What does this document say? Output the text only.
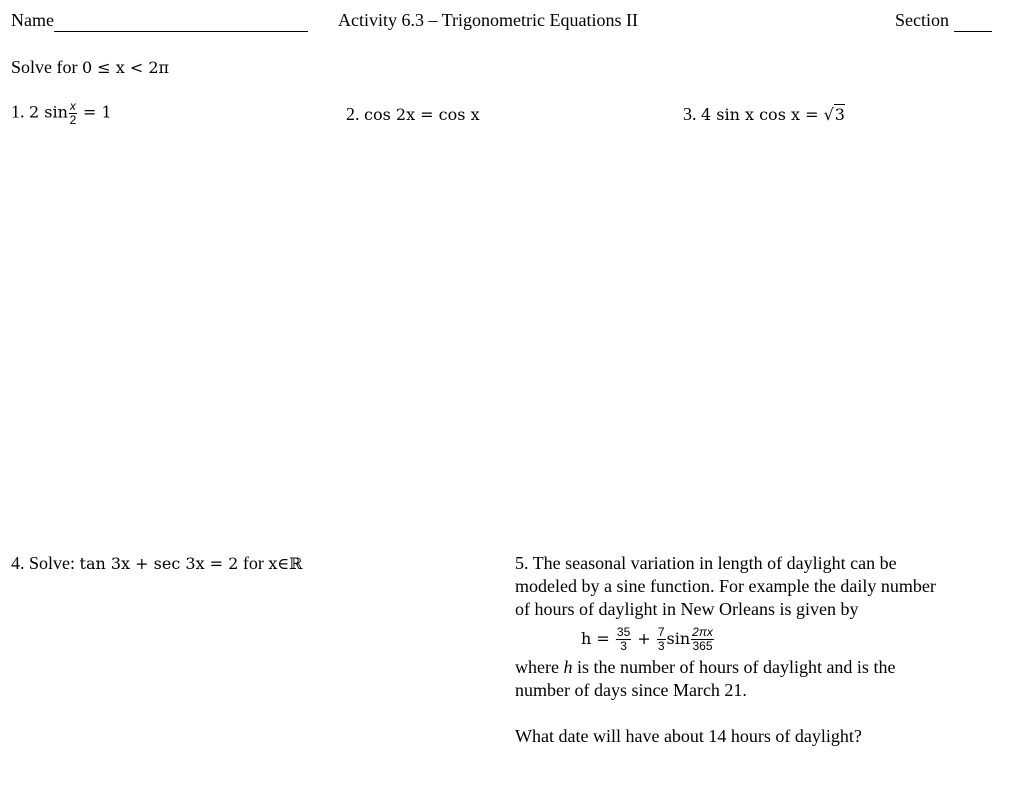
Name	Activity 6.3 – Trigonometric Equations II	Section
Solve for 0 ≤ x < 2π
1. 2 $\sin \frac{x}{2} = 1$	2. cos 2x = cos x	3. 4 sin x cos x = √3
4. Solve: tan 3x + sec 3x = 2 for x∈ℝ	5. The seasonal variation in length of daylight can be

modeled by a sine function. For example the daily number

of hours of daylight in New Orleans is given by

$h = \frac{35}{3} + \frac{7}{3}$ $\sin \frac{2\pi x}{365}$

where h is the number of hours of daylight and is the

number of days since March 21.

What date will have about 14 hours of daylight?
